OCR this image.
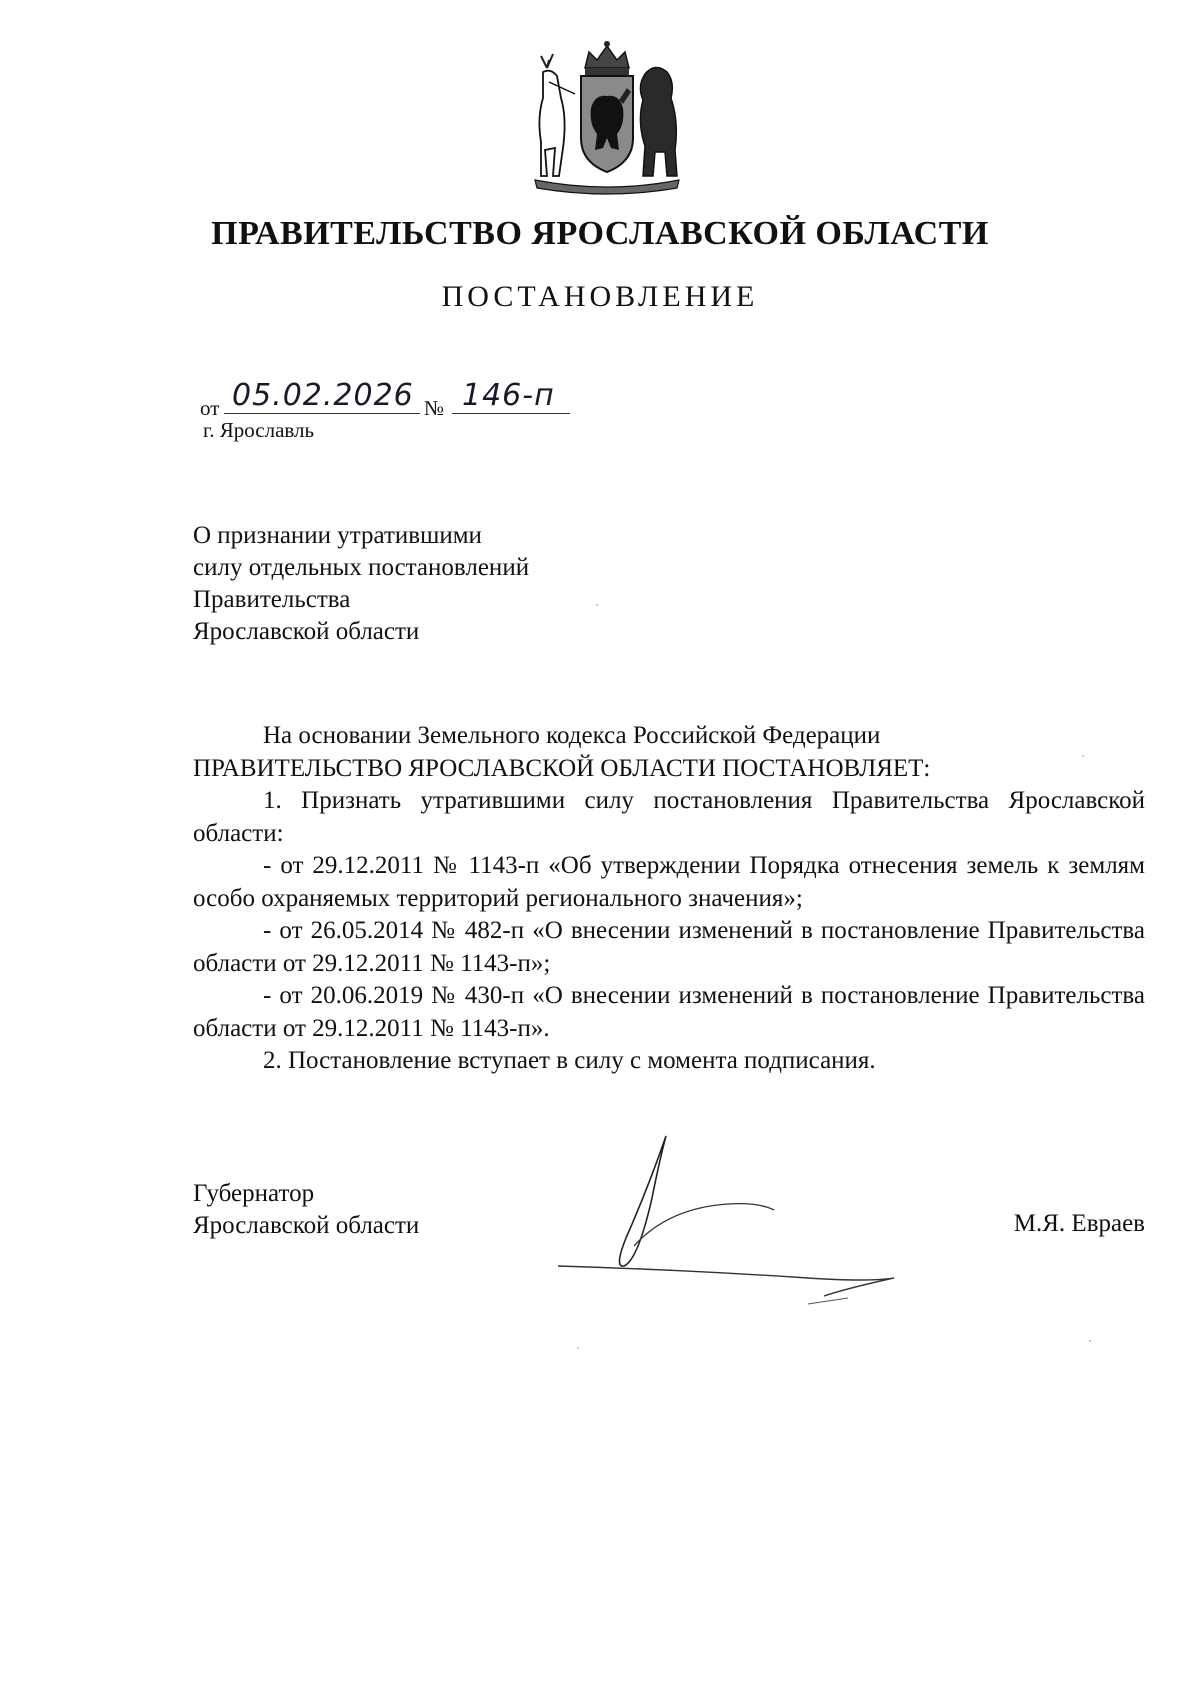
ПРАВИТЕЛЬСТВО ЯРОСЛАВСКОЙ ОБЛАСТИ
ПОСТАНОВЛЕНИЕ
от 05.02.2026 № 146-п
г. Ярославль
О признании утратившими
силу отдельных постановлений
Правительства
Ярославской области
На основании Земельного кодекса Российской Федерации
ПРАВИТЕЛЬСТВО ЯРОСЛАВСКОЙ ОБЛАСТИ ПОСТАНОВЛЯЕТ:
1. Признать утратившими силу постановления Правительства Ярославской области:
- от 29.12.2011 № 1143-п «Об утверждении Порядка отнесения земель к землям особо охраняемых территорий регионального значения»;
- от 26.05.2014 № 482-п «О внесении изменений в постановление Правительства области от 29.12.2011 № 1143-п»;
- от 20.06.2019 № 430-п «О внесении изменений в постановление Правительства области от 29.12.2011 № 1143-п».
2. Постановление вступает в силу с момента подписания.
Губернатор
Ярославской области	М.Я. Евраев
